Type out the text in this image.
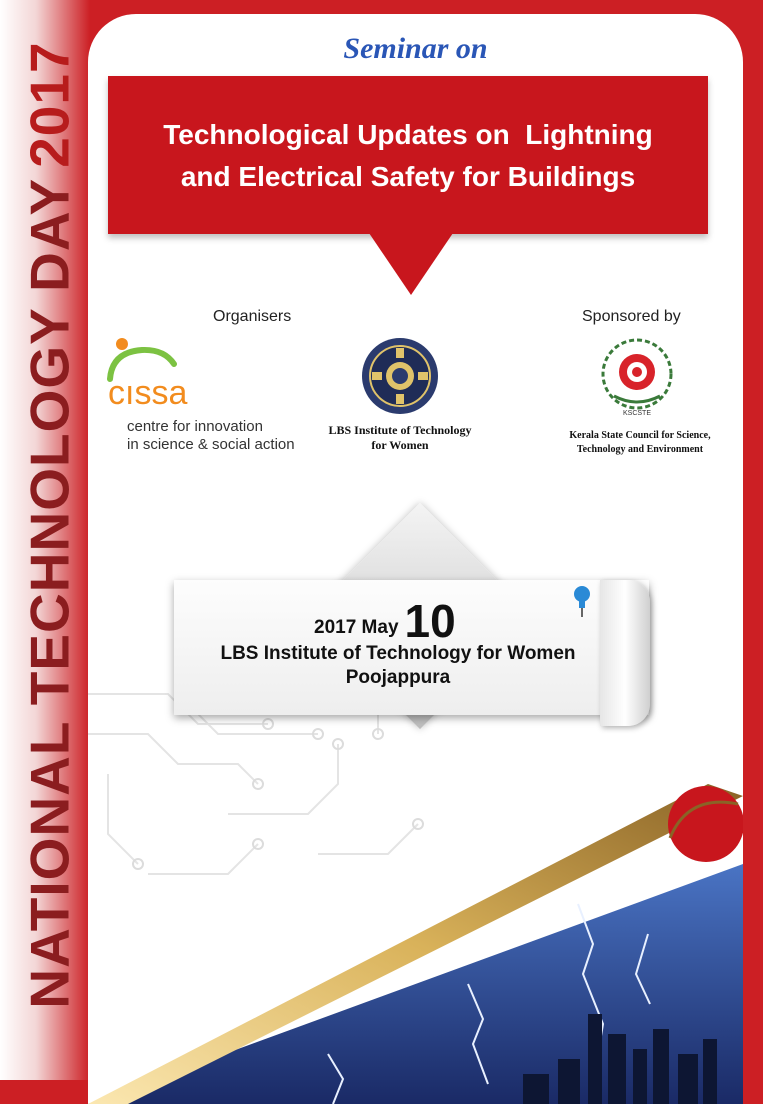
NATIONAL TECHNOLOGY DAY
2017	Seminar on
Technological Updates on  Lightning
and Electrical Safety for Buildings
Organisers	Sponsored by
cıssa
centre for innovation
in science & social action
LBS Institute of Technology
for Women
KSCSTE
Kerala State Council for Science,
Technology and Environment
2017 May 10
LBS Institute of Technology for Women
Poojappura
